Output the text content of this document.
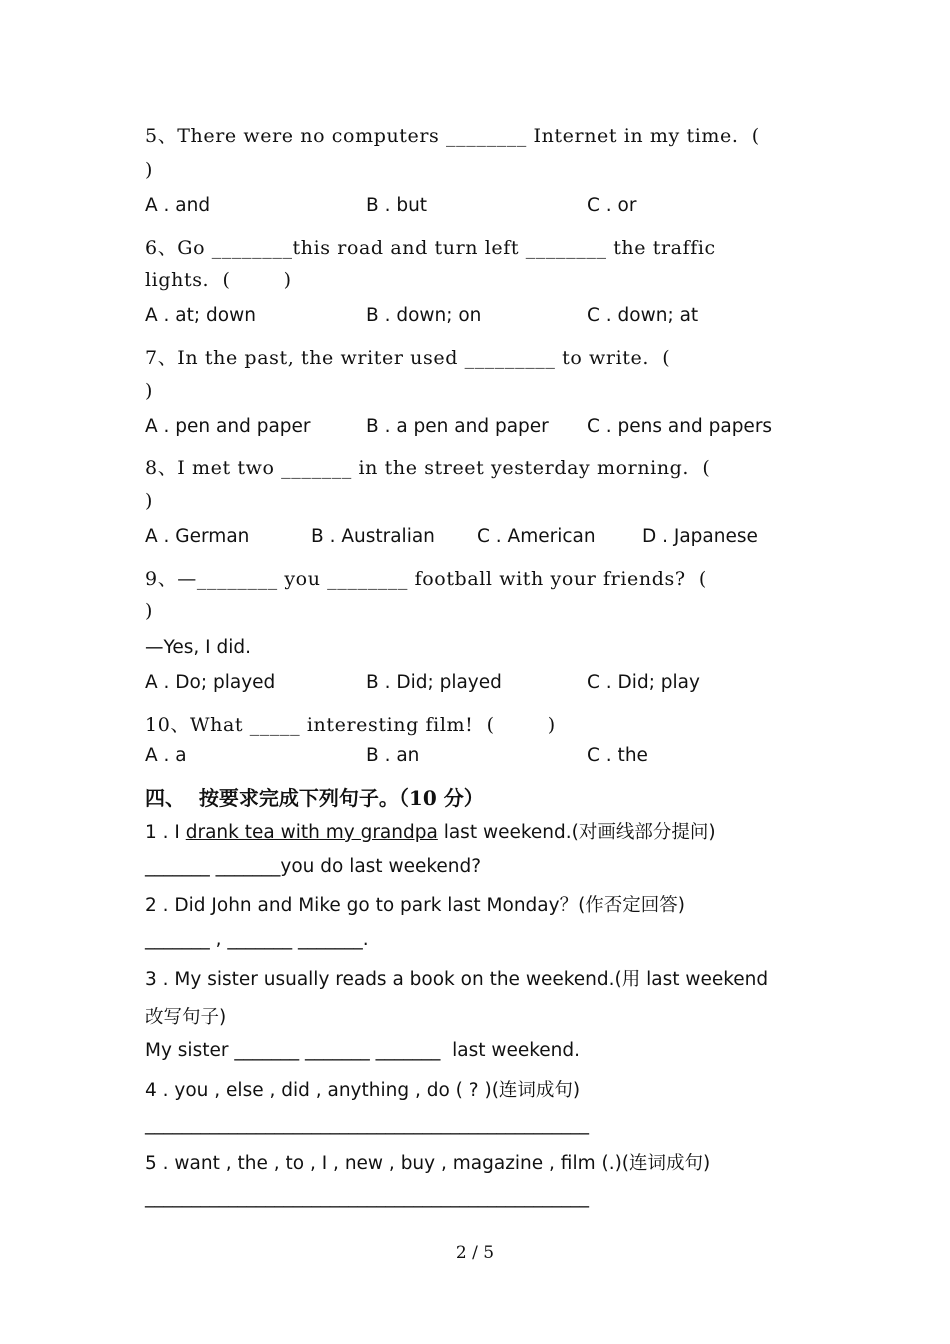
5、There were no computers ________ Internet in my time.  (
)
A . and	B . but	C . or
6、Go ________this road and turn left ________ the traffic
lights.  (        )
A . at; down	B . down; on	C . down; at
7、In the past, the writer used _________ to write.  (
)
A . pen and paper	B . a pen and paper C . pens and papers
8、I met two _______ in the street yesterday morning.  (
)
A . German	B . Australian C . American	D . Japanese
9、—________ you ________ football with your friends?  (
)
—Yes, I did.
A . Do; played	B . Did; played	C . Did; play
10、What _____ interesting film!  (        )
A . a	B . an	C . the
四、  按要求完成下列句子。（10 分）
1 . I drank tea with my grandpa last weekend.(对画线部分提问)
_______ _______you do last weekend?
2 . Did John and Mike go to park last Monday？(作否定回答)
_______ , _______ _______.
3 . My sister usually reads a book on the weekend.(用 last weekend
改写句子)
My sister _______ _______ _______  last weekend.
4 . you , else , did , anything , do ( ? )(连词成句)
________________________________________________
5 . want , the , to , I , new , buy , magazine , film (.)(连词成句)
________________________________________________
2 / 5
